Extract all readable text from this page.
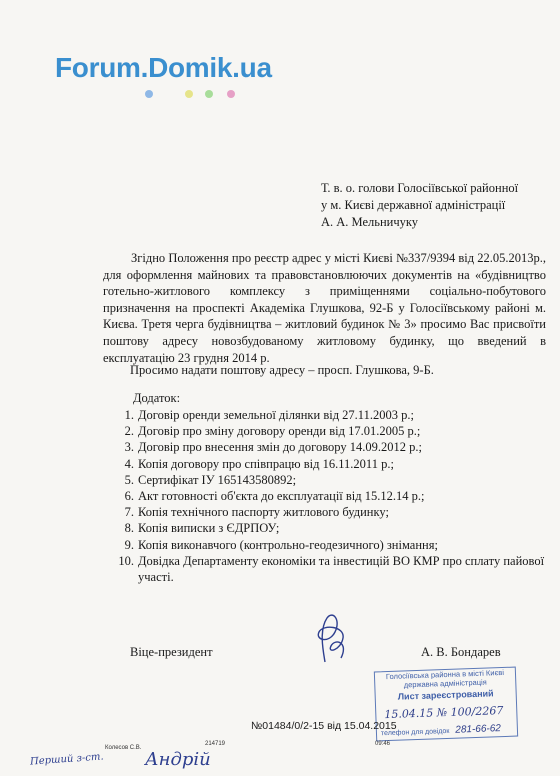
Forum.Domik.ua
Т. в. о. голови Голосіївської районної
у м. Києві державної адміністрації
А. А. Мельничуку
Згідно Положення про реєстр адрес у місті Києві №337/9394 від 22.05.2013р., для оформлення майнових та правовстановлюючих документів на «будівництво готельно-житлового комплексу з приміщеннями соціально-побутового призначення на проспекті Академіка Глушкова, 92-Б у Голосіївському районі м. Києва. Третя черга будівництва – житловий будинок № 3» просимо Вас присвоїти поштову адресу новозбудованому житловому будинку, що введений в експлуатацію 23 грудня 2014 р.
Просимо надати поштову адресу – просп. Глушкова, 9-Б.
Додаток:
1. Договір оренди земельної ділянки від 27.11.2003 р.;
2. Договір про зміну договору оренди від 17.01.2005 р.;
3. Договір про внесення змін до договору 14.09.2012 р.;
4. Копія договору про співпрацю від 16.11.2011 р.;
5. Сертифікат ІУ 165143580892;
6. Акт готовності об'єкта до експлуатації від 15.12.14 р.;
7. Копія технічного паспорту житлового будинку;
8. Копія виписки з ЄДРПОУ;
9. Копія виконавчого (контрольно-геодезичного) знімання;
10. Довідка Департаменту економіки та інвестицій ВО КМР про сплату пайової участі.
Віце-президент	А. В. Бондарев
Голосіївська районна в місті Києві
державна адміністрація
Лист зареєстрований
15.04.15 № 100/2267
телефон для довідок 281-66-62
№01484/0/2-15 від 15.04.2015
214719	09:46
Колесов С.В.
Перший з-ст. Андрій
